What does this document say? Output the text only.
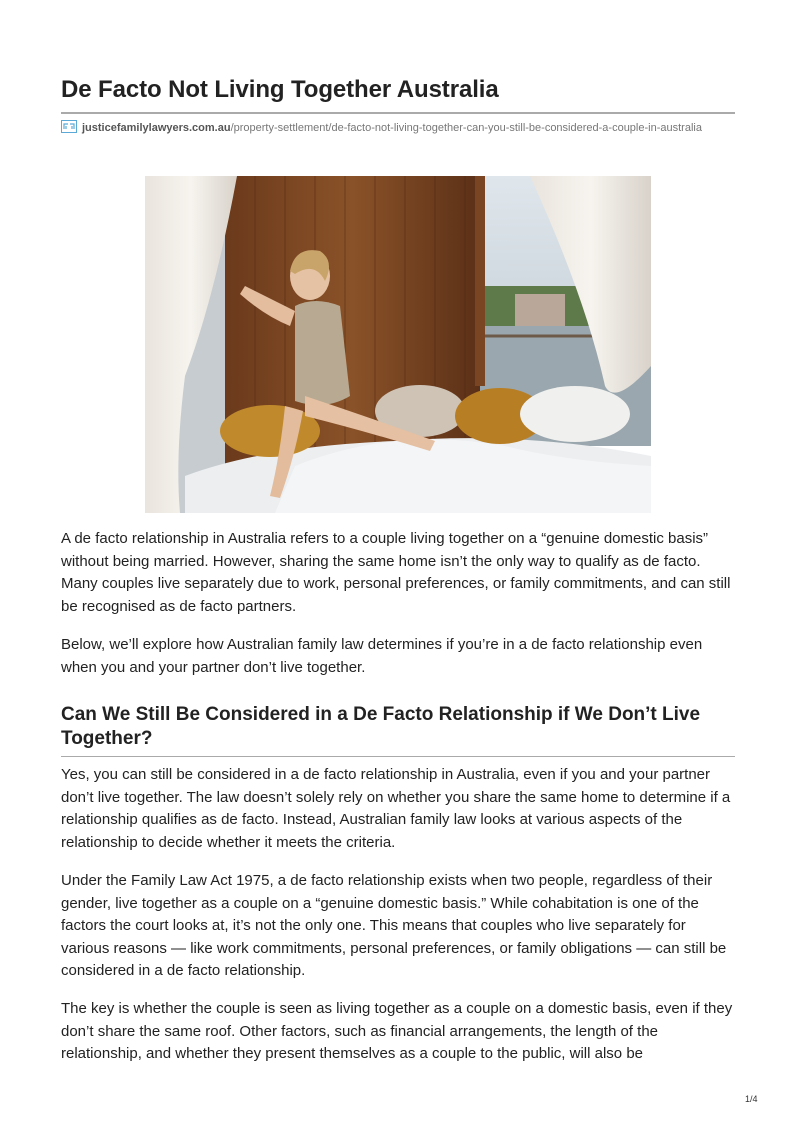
De Facto Not Living Together Australia
justicefamilylawyers.com.au/property-settlement/de-facto-not-living-together-can-you-still-be-considered-a-couple-in-australia

A de facto relationship in Australia refers to a couple living together on a “genuine domestic basis” without being married. However, sharing the same home isn’t the only way to qualify as de facto. Many couples live separately due to work, personal preferences, or family commitments, and can still be recognised as de facto partners.

Below, we’ll explore how Australian family law determines if you’re in a de facto relationship even when you and your partner don’t live together.

Can We Still Be Considered in a De Facto Relationship if We Don’t Live Together?

Yes, you can still be considered in a de facto relationship in Australia, even if you and your partner don’t live together. The law doesn’t solely rely on whether you share the same home to determine if a relationship qualifies as de facto. Instead, Australian family law looks at various aspects of the relationship to decide whether it meets the criteria.

Under the Family Law Act 1975, a de facto relationship exists when two people, regardless of their gender, live together as a couple on a “genuine domestic basis.” While cohabitation is one of the factors the court looks at, it’s not the only one. This means that couples who live separately for various reasons — like work commitments, personal preferences, or family obligations — can still be considered in a de facto relationship.

The key is whether the couple is seen as living together as a couple on a domestic basis, even if they don’t share the same roof. Other factors, such as financial arrangements, the length of the relationship, and whether they present themselves as a couple to the public, will also be

1/4
